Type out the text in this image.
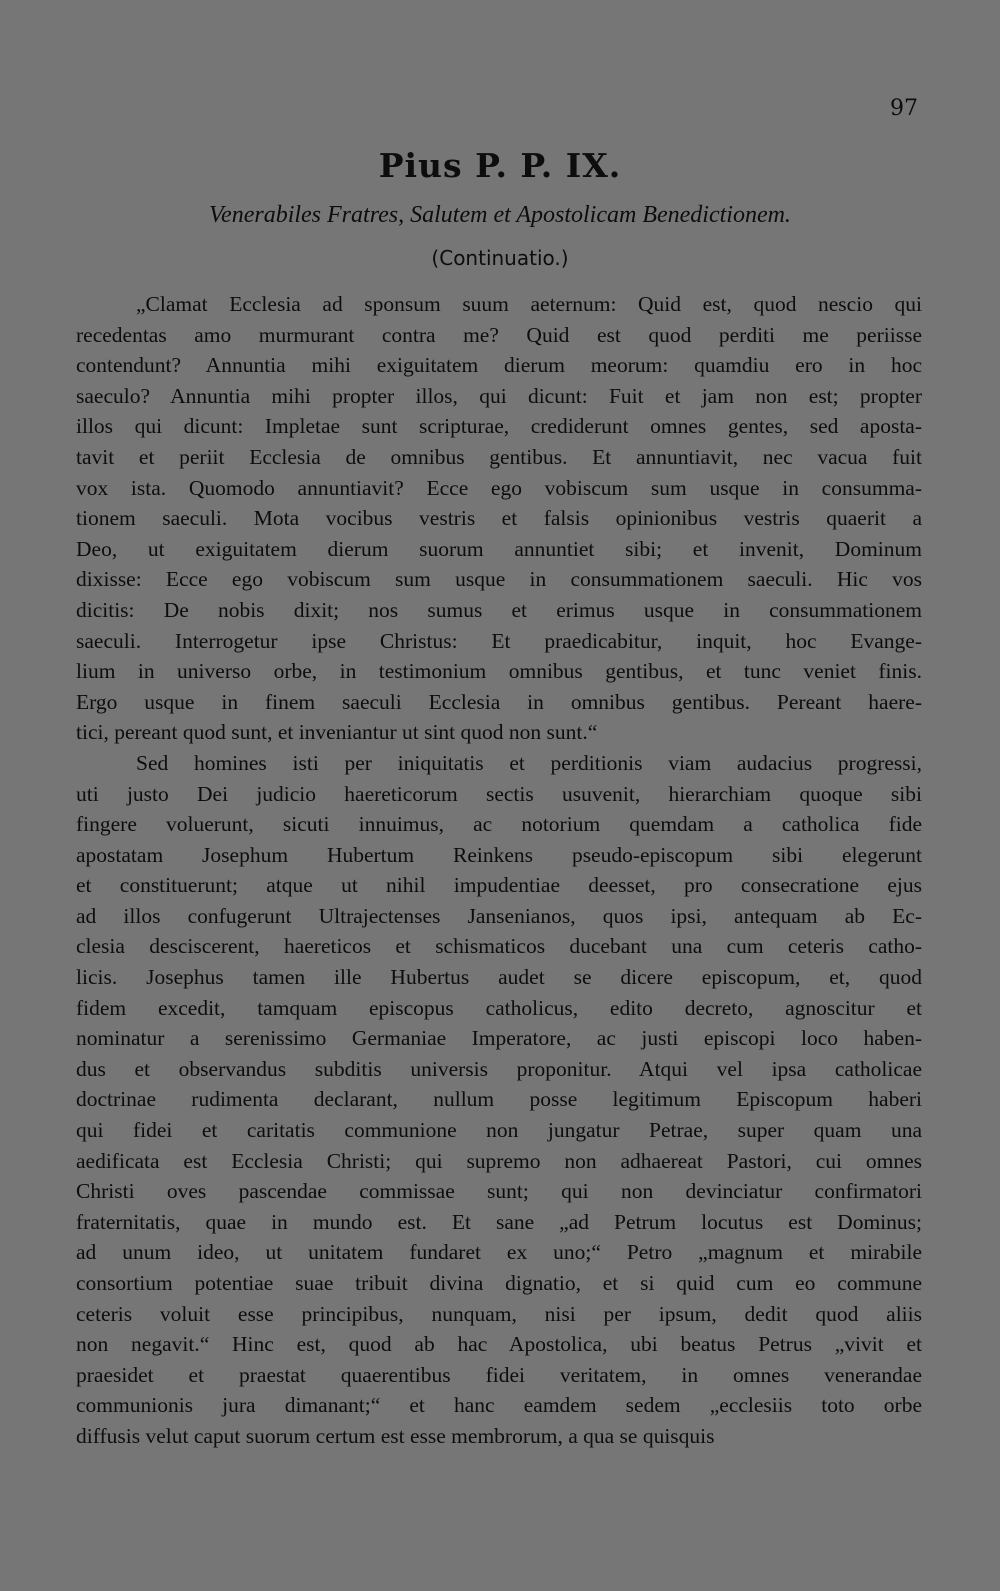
97
Pius P. P. IX.
Venerabiles Fratres, Salutem et Apostolicam Benedictionem.
(Continuatio.)
„Clamat Ecclesia ad sponsum suum aeternum: Quid est, quod nescio qui
recedentas amo murmurant contra me? Quid est quod perditi me periisse
contendunt? Annuntia mihi exiguitatem dierum meorum: quamdiu ero in hoc
saeculo? Annuntia mihi propter illos, qui dicunt: Fuit et jam non est; propter
illos qui dicunt: Impletae sunt scripturae, crediderunt omnes gentes, sed aposta-
tavit et periit Ecclesia de omnibus gentibus. Et annuntiavit, nec vacua fuit
vox ista. Quomodo annuntiavit? Ecce ego vobiscum sum usque in consumma-
tionem saeculi. Mota vocibus vestris et falsis opinionibus vestris quaerit a
Deo, ut exiguitatem dierum suorum annuntiet sibi; et invenit, Dominum
dixisse: Ecce ego vobiscum sum usque in consummationem saeculi. Hic vos
dicitis: De nobis dixit; nos sumus et erimus usque in consummationem
saeculi. Interrogetur ipse Christus: Et praedicabitur, inquit, hoc Evange-
lium in universo orbe, in testimonium omnibus gentibus, et tunc veniet finis.
Ergo usque in finem saeculi Ecclesia in omnibus gentibus. Pereant haere-
tici, pereant quod sunt, et inveniantur ut sint quod non sunt.“
Sed homines isti per iniquitatis et perditionis viam audacius progressi,
uti justo Dei judicio haereticorum sectis usuvenit, hierarchiam quoque sibi
fingere voluerunt, sicuti innuimus, ac notorium quemdam a catholica fide
apostatam Josephum Hubertum Reinkens pseudo-episcopum sibi elegerunt
et constituerunt; atque ut nihil impudentiae deesset, pro consecratione ejus
ad illos confugerunt Ultrajectenses Jansenianos, quos ipsi, antequam ab Ec-
clesia desciscerent, haereticos et schismaticos ducebant una cum ceteris catho-
licis. Josephus tamen ille Hubertus audet se dicere episcopum, et, quod
fidem excedit, tamquam episcopus catholicus, edito decreto, agnoscitur et
nominatur a serenissimo Germaniae Imperatore, ac justi episcopi loco haben-
dus et observandus subditis universis proponitur. Atqui vel ipsa catholicae
doctrinae rudimenta declarant, nullum posse legitimum Episcopum haberi
qui fidei et caritatis communione non jungatur Petrae, super quam una
aedificata est Ecclesia Christi; qui supremo non adhaereat Pastori, cui omnes
Christi oves pascendae commissae sunt; qui non devinciatur confirmatori
fraternitatis, quae in mundo est. Et sane „ad Petrum locutus est Dominus;
ad unum ideo, ut unitatem fundaret ex uno;“ Petro „magnum et mirabile
consortium potentiae suae tribuit divina dignatio, et si quid cum eo commune
ceteris voluit esse principibus, nunquam, nisi per ipsum, dedit quod aliis
non negavit.“ Hinc est, quod ab hac Apostolica, ubi beatus Petrus „vivit et
praesidet et praestat quaerentibus fidei veritatem, in omnes venerandae
communionis jura dimanant;“ et hanc eamdem sedem „ecclesiis toto orbe
diffusis velut caput suorum certum est esse membrorum, a qua se quisquis
